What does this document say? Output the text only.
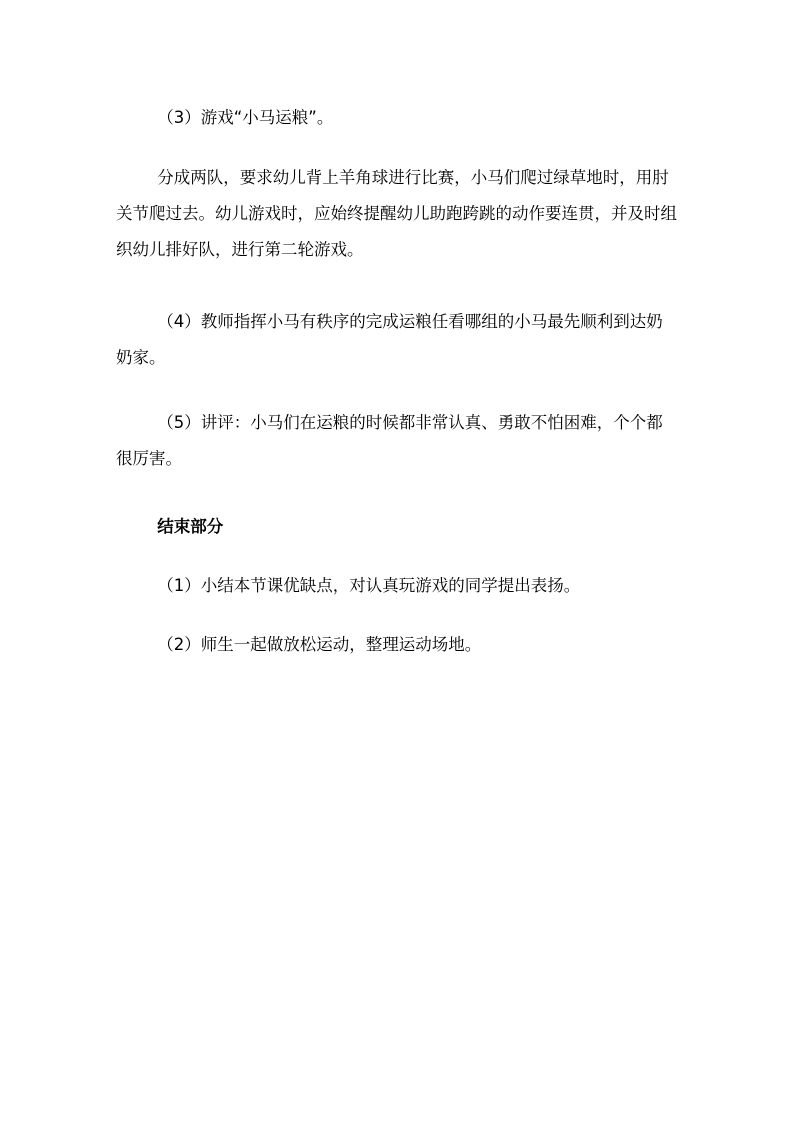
（3）游戏“小马运粮”。

分成两队，要求幼儿背上羊角球进行比赛，小马们爬过绿草地时，用肘关节爬过去。幼儿游戏时，应始终提醒幼儿助跑跨跳的动作要连贯，并及时组织幼儿排好队，进行第二轮游戏。

（4）教师指挥小马有秩序的完成运粮任看哪组的小马最先顺利到达奶奶家。

（5）讲评：小马们在运粮的时候都非常认真、勇敢不怕困难，个个都很厉害。

结束部分

（1）小结本节课优缺点，对认真玩游戏的同学提出表扬。

（2）师生一起做放松运动，整理运动场地。
